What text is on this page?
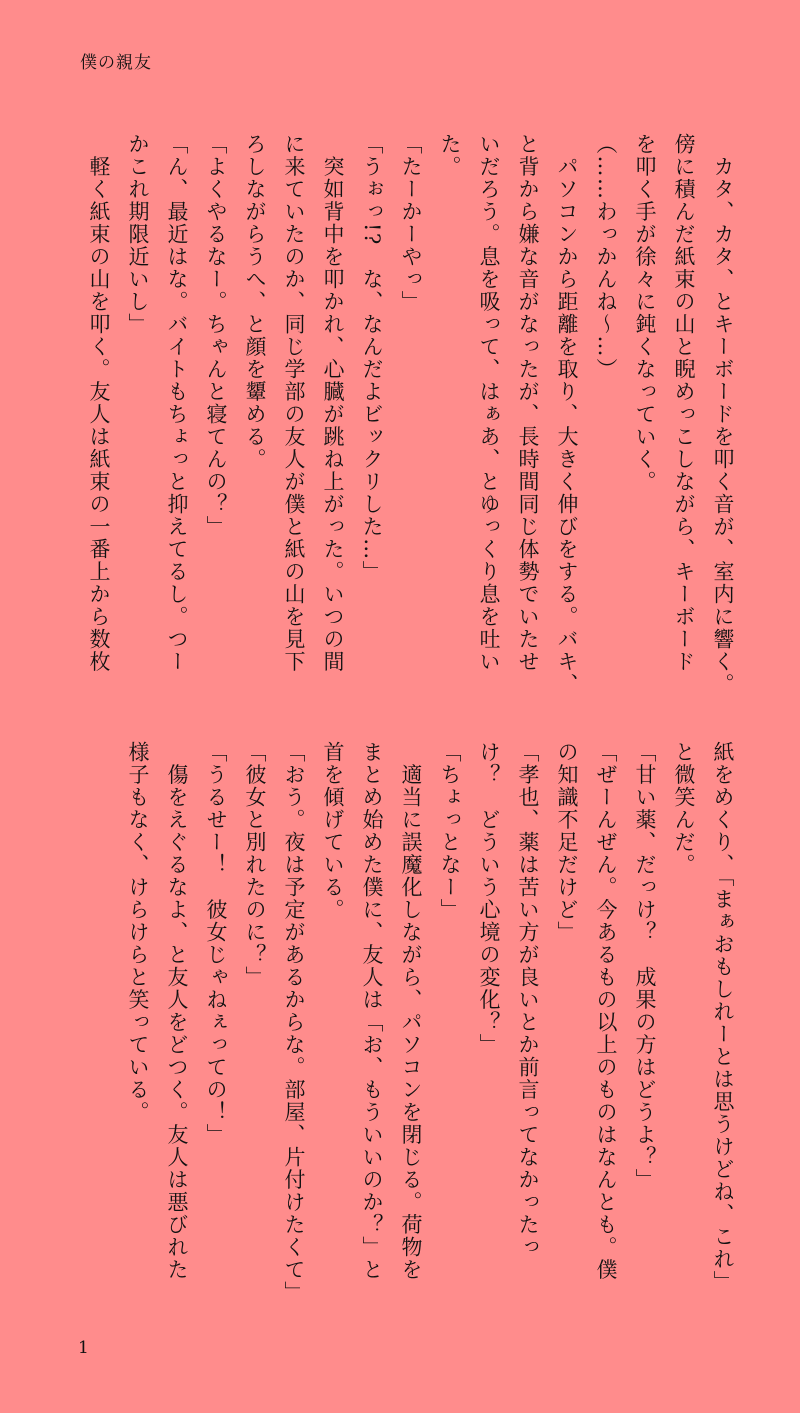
僕の親友
　カタ、カタ、とキーボードを叩く音が、室内に響く。
傍に積んだ紙束の山と睨めっこしながら、キーボード
を叩く手が徐々に鈍くなっていく。
（……わっかんね～…）
　パソコンから距離を取り、大きく伸びをする。バキ、
と背から嫌な音がなったが、長時間同じ体勢でいたせ
いだろう。息を吸って、はぁあ、とゆっくり息を吐い
た。
「たーかーやっ」
「うぉっ!?　な、なんだよビックリした…」
　突如背中を叩かれ、心臓が跳ね上がった。いつの間
に来ていたのか、同じ学部の友人が僕と紙の山を見下
ろしながらうへ、と顔を顰める。
「よくやるなー。ちゃんと寝てんの？」
「ん、最近はな。バイトもちょっと抑えてるし。つー
かこれ期限近いし」
　軽く紙束の山を叩く。友人は紙束の一番上から数枚
紙をめくり、「まぁおもしれーとは思うけどね、これ」
と微笑んだ。
「甘い薬、だっけ？　成果の方はどうよ？」
「ぜーんぜん。今あるもの以上のものはなんとも。僕
の知識不足だけど」
「孝也、薬は苦い方が良いとか前言ってなかったっ
け？　どういう心境の変化？」
「ちょっとなー」
　適当に誤魔化しながら、パソコンを閉じる。荷物を
まとめ始めた僕に、友人は「お、もういいのか？」と
首を傾げている。
「おう。夜は予定があるからな。部屋、片付けたくて」
「彼女と別れたのに？」
「うるせー！　彼女じゃねぇっての！」
　傷をえぐるなよ、と友人をどつく。友人は悪びれた
様子もなく、けらけらと笑っている。
1
